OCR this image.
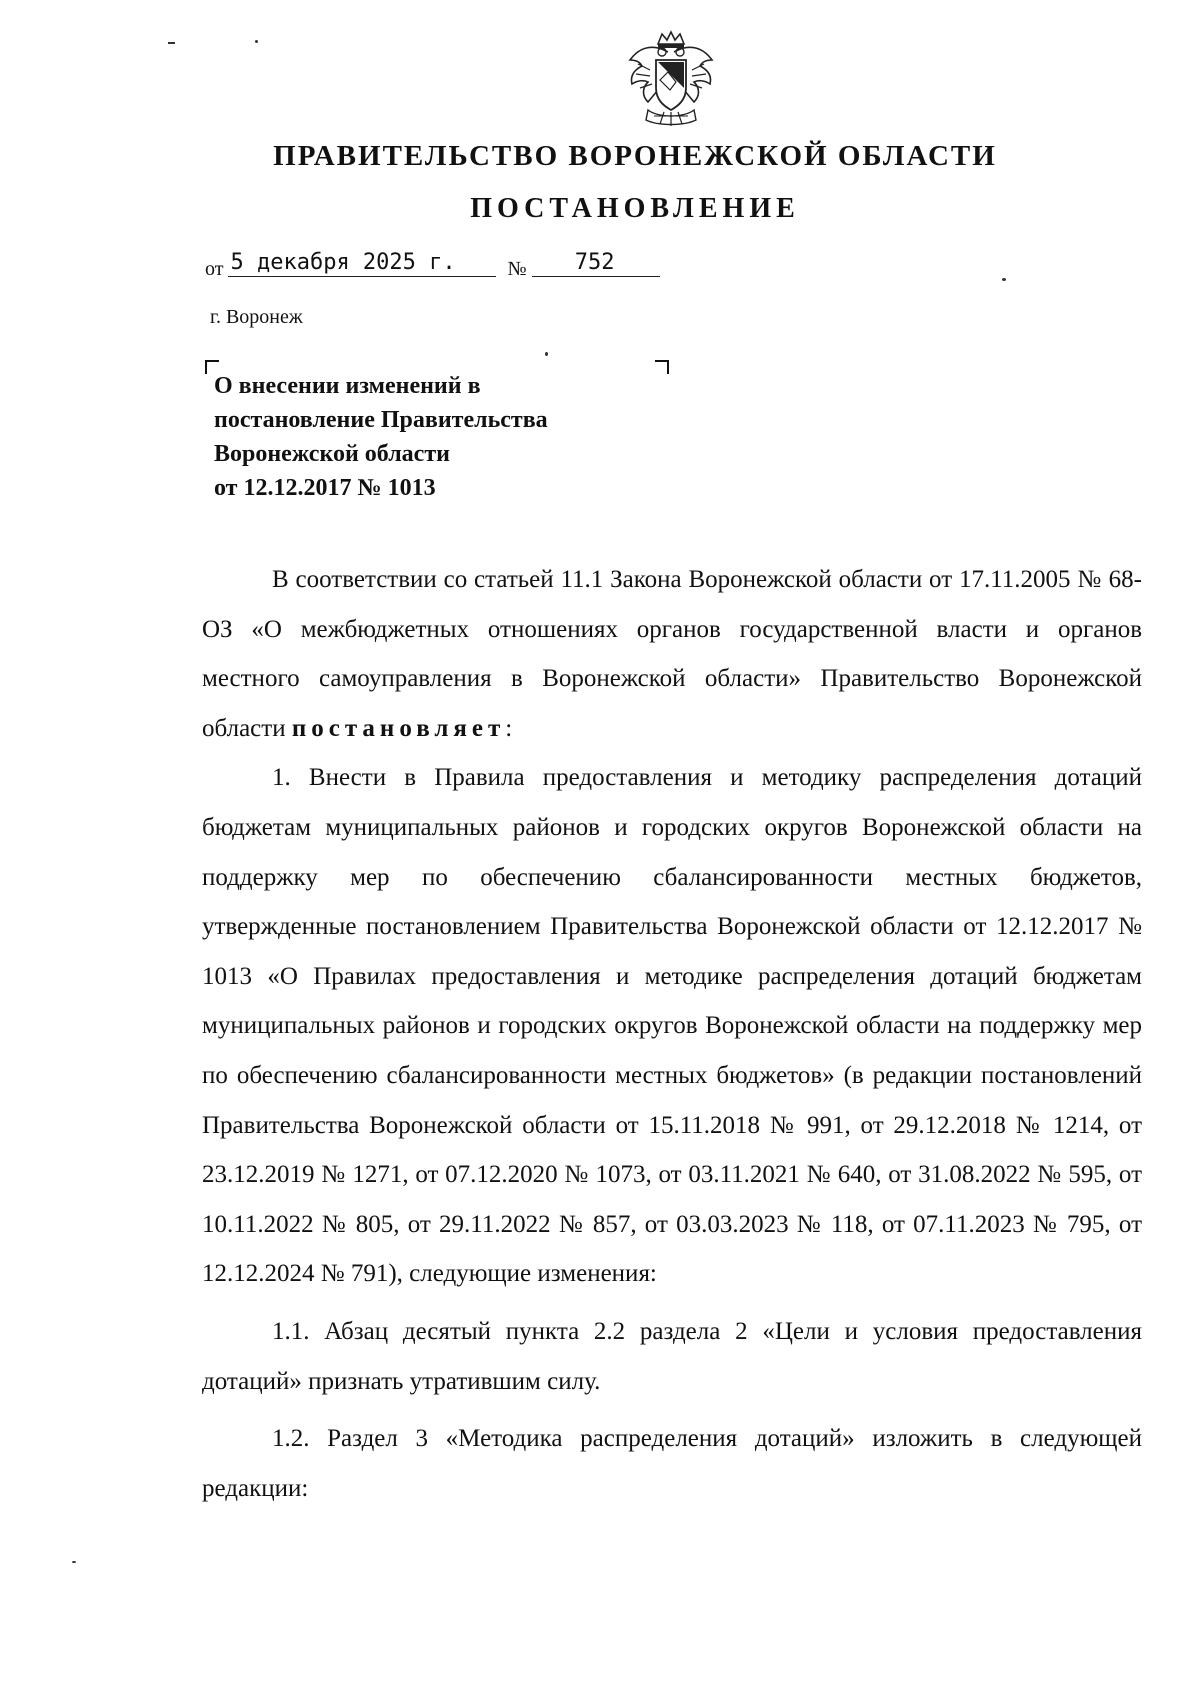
ПРАВИТЕЛЬСТВО ВОРОНЕЖСКОЙ ОБЛАСТИ
ПОСТАНОВЛЕНИЕ
от 5 декабря 2025 г.	№ 752
г. Воронеж
О внесении изменений в
постановление Правительства
Воронежской области
от 12.12.2017 № 1013

В соответствии со статьей 11.1 Закона Воронежской области от 17.11.2005 № 68-ОЗ «О межбюджетных отношениях органов государственной власти и органов местного самоуправления в Воронежской области» Правительство Воронежской области постановляет:

1. Внести в Правила предоставления и методику распределения дотаций бюджетам муниципальных районов и городских округов Воронежской области на поддержку мер по обеспечению сбалансированности местных бюджетов, утвержденные постановлением Правительства Воронежской области от 12.12.2017 № 1013 «О Правилах предоставления и методике распределения дотаций бюджетам муниципальных районов и городских округов Воронежской области на поддержку мер по обеспечению сбалансированности местных бюджетов» (в редакции постановлений Правительства Воронежской области от 15.11.2018 № 991, от 29.12.2018 № 1214, от 23.12.2019 № 1271, от 07.12.2020 № 1073, от 03.11.2021 № 640, от 31.08.2022 № 595, от 10.11.2022 № 805, от 29.11.2022 № 857, от 03.03.2023 № 118, от 07.11.2023 № 795, от 12.12.2024 № 791), следующие изменения:

1.1. Абзац десятый пункта 2.2 раздела 2 «Цели и условия предоставления дотаций» признать утратившим силу.

1.2. Раздел 3 «Методика распределения дотаций» изложить в следующей редакции:
